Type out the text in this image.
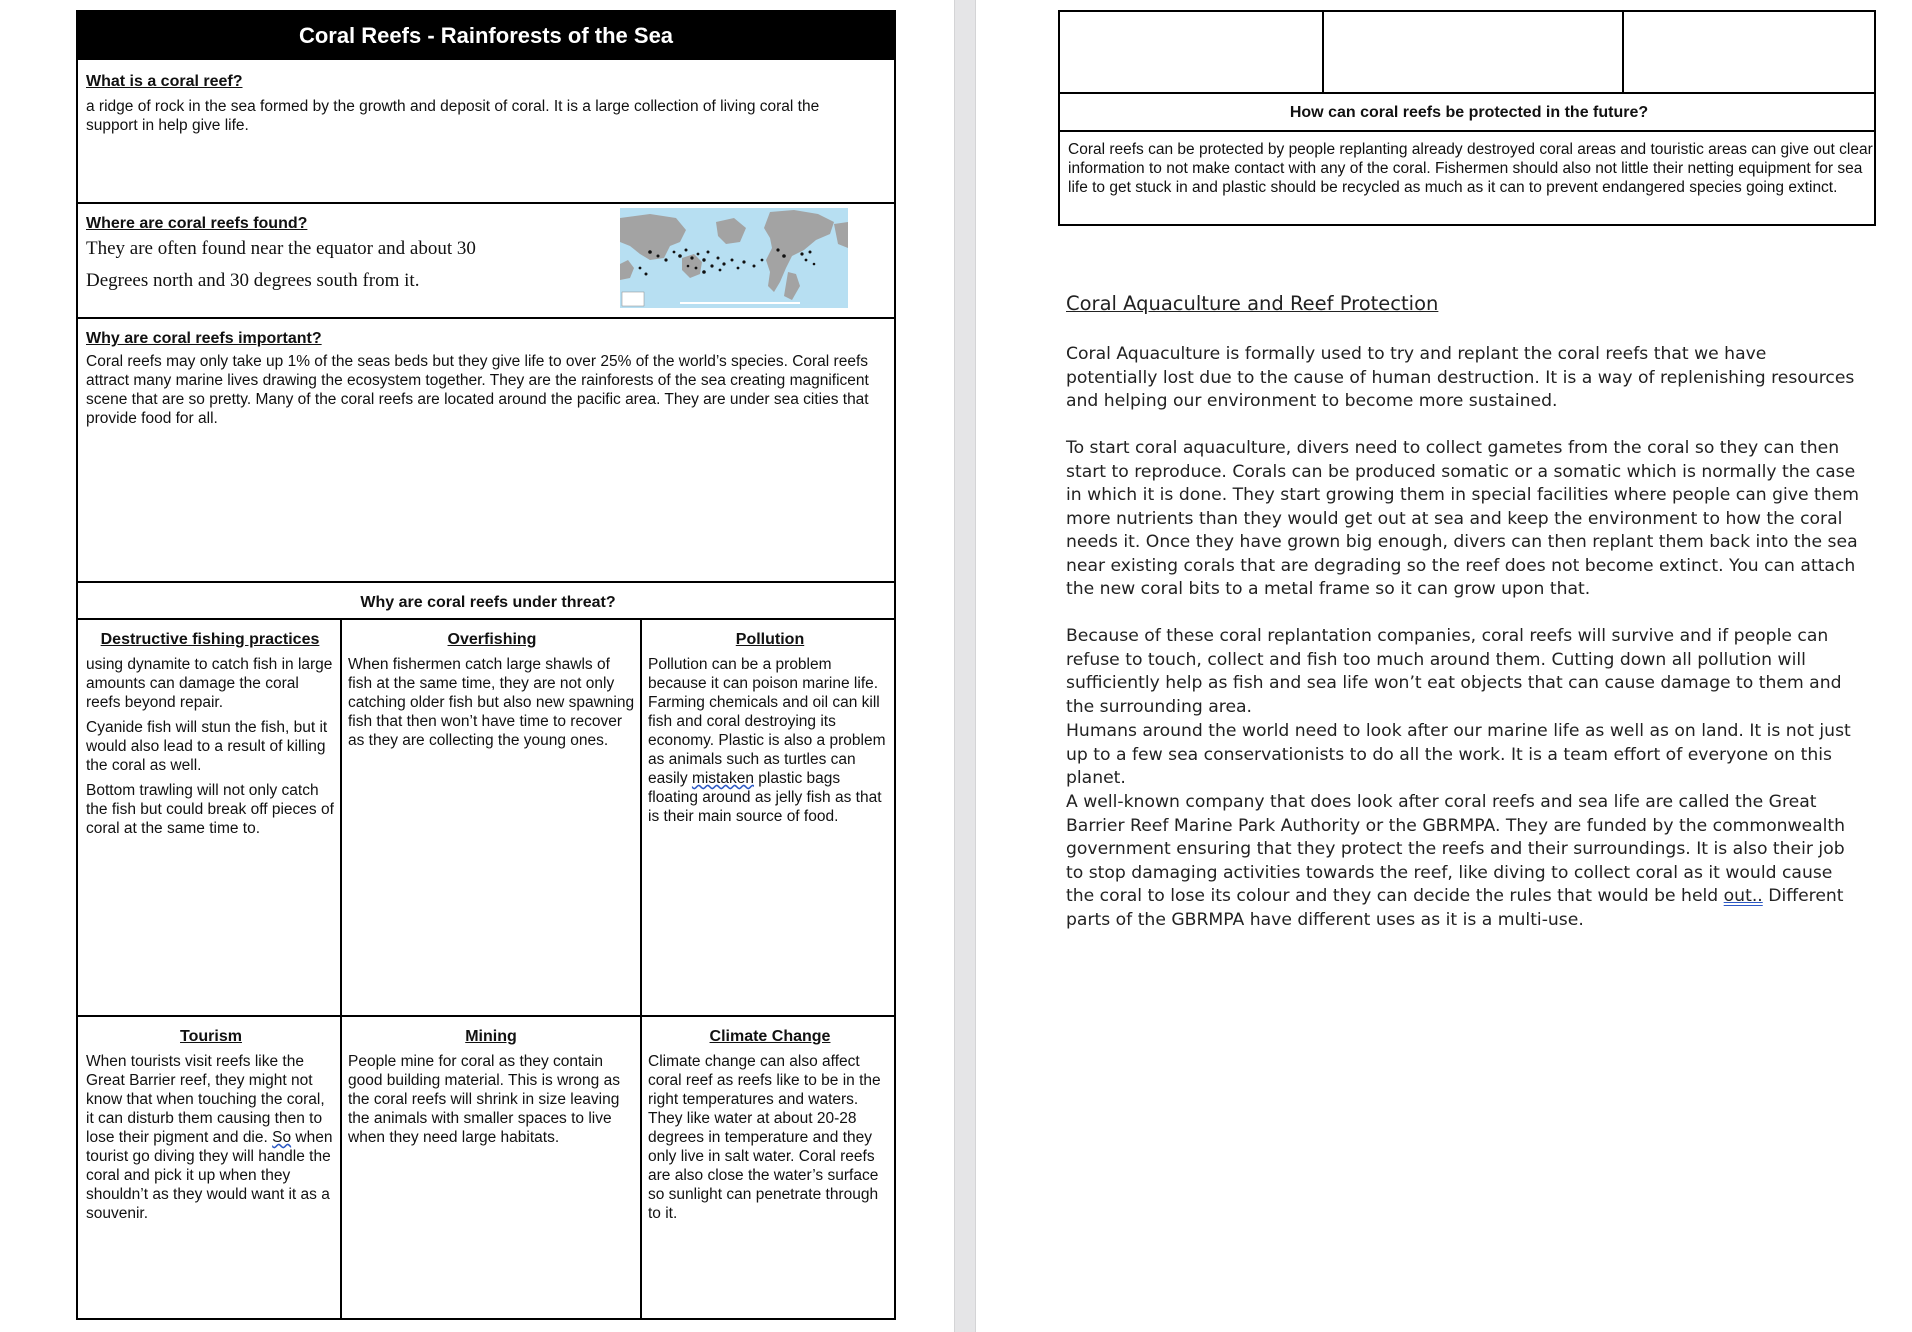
Coral Reefs - Rainforests of the Sea
What is a coral reef?
a ridge of rock in the sea formed by the growth and deposit of coral. It is a large collection of living coral the support in help give life.
Where are coral reefs found?
They are often found near the equator and about 30
Degrees north and 30 degrees south from it.
Why are coral reefs important?
Coral reefs may only take up 1% of the seas beds but they give life to over 25% of the world’s species. Coral reefs attract many marine lives drawing the ecosystem together. They are the rainforests of the sea creating magnificent scene that are so pretty. Many of the coral reefs are located around the pacific area. They are under sea cities that provide food for all.
Why are coral reefs under threat?
Destructive fishing practices
using dynamite to catch fish in large amounts can damage the coral reefs beyond repair.
Cyanide fish will stun the fish, but it would also lead to a result of killing the coral as well.
Bottom trawling will not only catch the fish but could break off pieces of coral at the same time to.
Overfishing
When fishermen catch large shawls of fish at the same time, they are not only catching older fish but also new spawning fish that then won’t have time to recover as they are collecting the young ones.
Pollution
Pollution can be a problem because it can poison marine life. Farming chemicals and oil can kill fish and coral destroying its economy. Plastic is also a problem as animals such as turtles can easily mistaken plastic bags floating around as jelly fish as that is their main source of food.
Tourism
When tourists visit reefs like the Great Barrier reef, they might not know that when touching the coral, it can disturb them causing then to lose their pigment and die. So when tourist go diving they will handle the coral and pick it up when they shouldn’t as they would want it as a souvenir.
Mining
People mine for coral as they contain good building material. This is wrong as the coral reefs will shrink in size leaving the animals with smaller spaces to live when they need large habitats.
Climate Change
Climate change can also affect coral reef as reefs like to be in the right temperatures and waters. They like water at about 20-28 degrees in temperature and they only live in salt water. Coral reefs are also close the water’s surface so sunlight can penetrate through to it.
How can coral reefs be protected in the future?
Coral reefs can be protected by people replanting already destroyed coral areas and touristic areas can give out clear information to not make contact with any of the coral. Fishermen should also not little their netting equipment for sea life to get stuck in and plastic should be recycled as much as it can to prevent endangered species going extinct.
Coral Aquaculture and Reef Protection
Coral Aquaculture is formally used to try and replant the coral reefs that we have potentially lost due to the cause of human destruction. It is a way of replenishing resources and helping our environment to become more sustained.
To start coral aquaculture, divers need to collect gametes from the coral so they can then start to reproduce. Corals can be produced somatic or a somatic which is normally the case in which it is done. They start growing them in special facilities where people can give them more nutrients than they would get out at sea and keep the environment to how the coral needs it. Once they have grown big enough, divers can then replant them back into the sea near existing corals that are degrading so the reef does not become extinct. You can attach the new coral bits to a metal frame so it can grow upon that.
Because of these coral replantation companies, coral reefs will survive and if people can refuse to touch, collect and fish too much around them. Cutting down all pollution will sufficiently help as fish and sea life won’t eat objects that can cause damage to them and the surrounding area.
Humans around the world need to look after our marine life as well as on land. It is not just up to a few sea conservationists to do all the work. It is a team effort of everyone on this planet.
A well-known company that does look after coral reefs and sea life are called the Great Barrier Reef Marine Park Authority or the GBRMPA. They are funded by the commonwealth government ensuring that they protect the reefs and their surroundings. It is also their job to stop damaging activities towards the reef, like diving to collect coral as it would cause the coral to lose its colour and they can decide the rules that would be held out.. Different parts of the GBRMPA have different uses as it is a multi-use.
